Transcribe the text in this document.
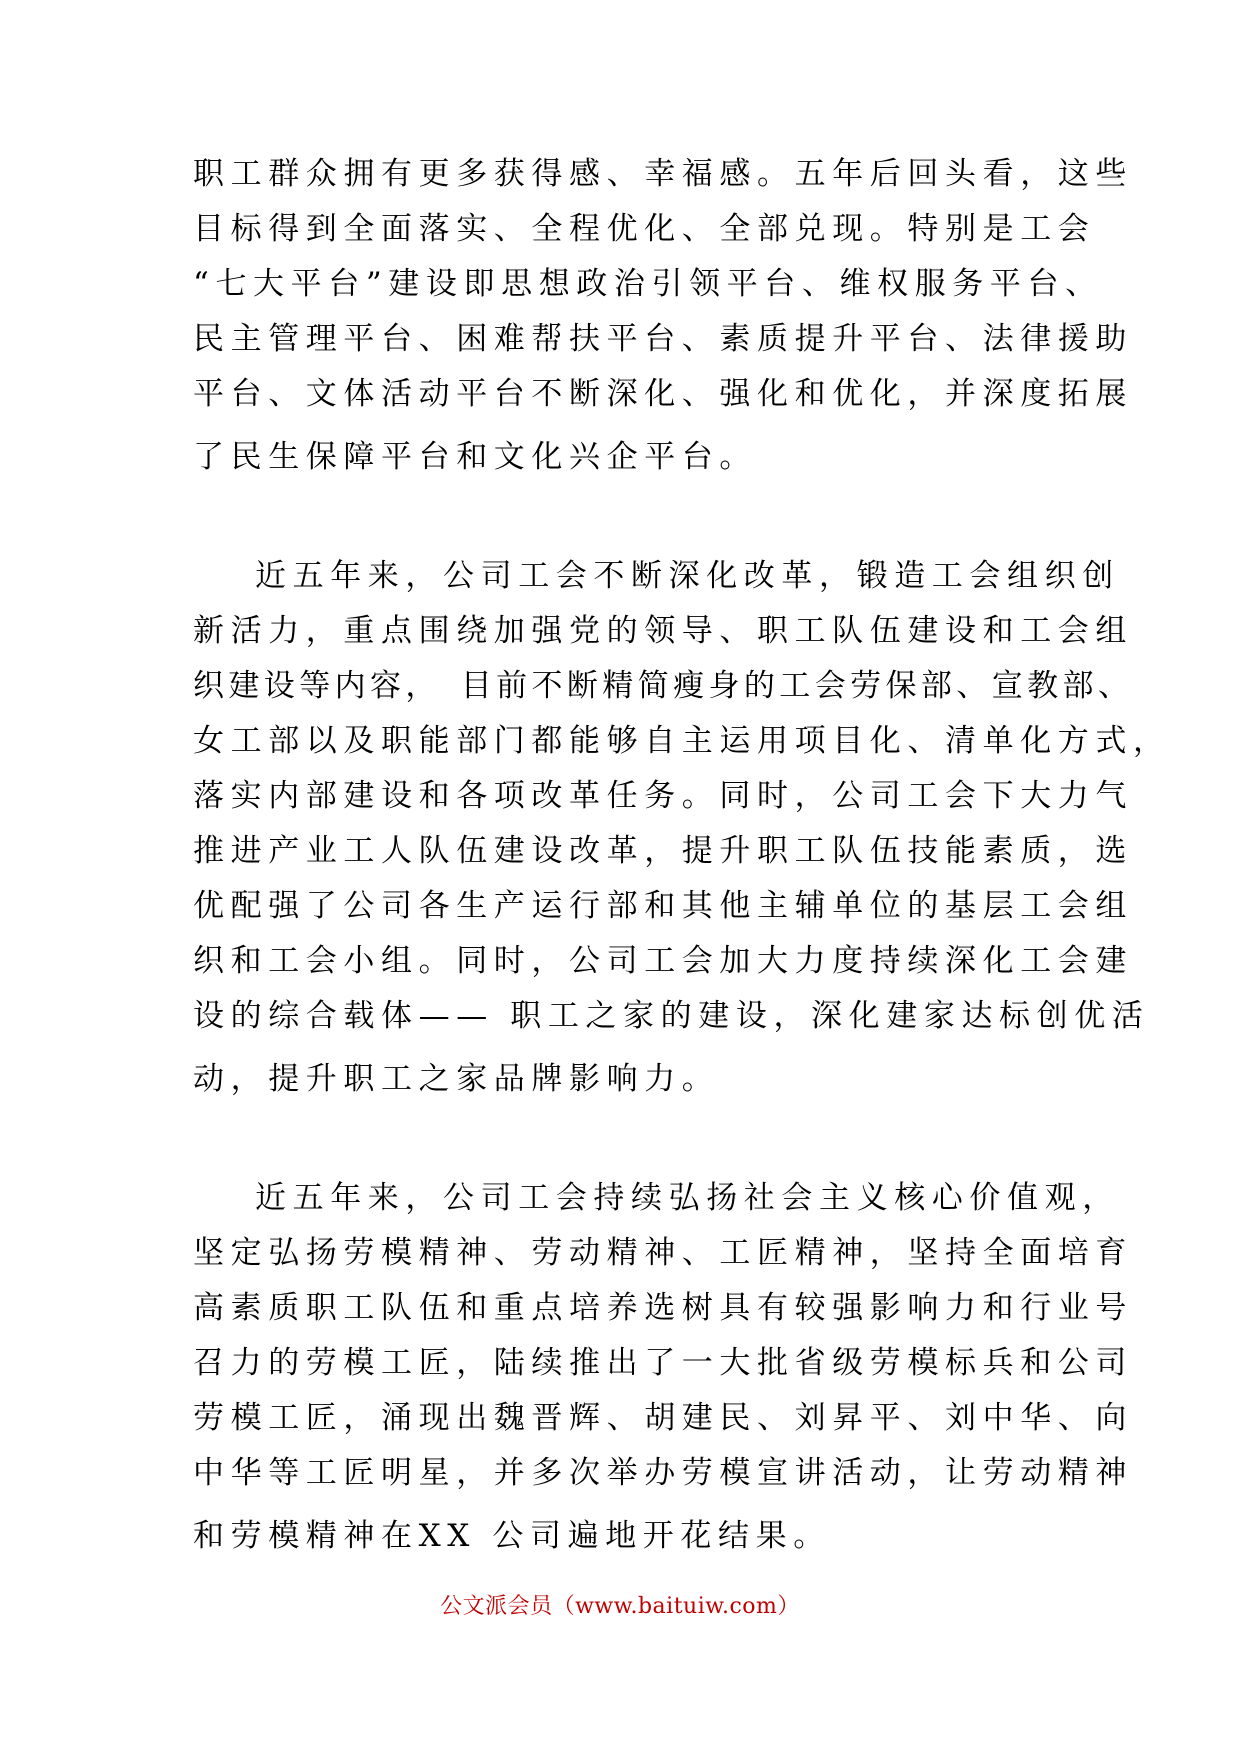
职工群众拥有更多获得感、幸福感。五年后回头看，这些
目标得到全面落实、全程优化、全部兑现。特别是工会
“七大平台”建设即思想政治引领平台、维权服务平台、
民主管理平台、困难帮扶平台、素质提升平台、法律援助
平台、文体活动平台不断深化、强化和优化，并深度拓展
了民生保障平台和文化兴企平台。
近五年来，公司工会不断深化改革，锻造工会组织创
新活力，重点围绕加强党的领导、职工队伍建设和工会组
织建设等内容，　目前不断精简瘦身的工会劳保部、宣教部、
女工部以及职能部门都能够自主运用项目化、清单化方式，
落实内部建设和各项改革任务。同时，公司工会下大力气
推进产业工人队伍建设改革，提升职工队伍技能素质，选
优配强了公司各生产运行部和其他主辅单位的基层工会组
织和工会小组。同时，公司工会加大力度持续深化工会建
设的综合载体—— 职工之家的建设，深化建家达标创优活
动，提升职工之家品牌影响力。
近五年来，公司工会持续弘扬社会主义核心价值观，
坚定弘扬劳模精神、劳动精神、工匠精神，坚持全面培育
高素质职工队伍和重点培养选树具有较强影响力和行业号
召力的劳模工匠，陆续推出了一大批省级劳模标兵和公司
劳模工匠，涌现出魏晋辉、胡建民、刘昇平、刘中华、向
中华等工匠明星，并多次举办劳模宣讲活动，让劳动精神
和劳模精神在XX 公司遍地开花结果。
公文派会员（www.baituiw.com）
